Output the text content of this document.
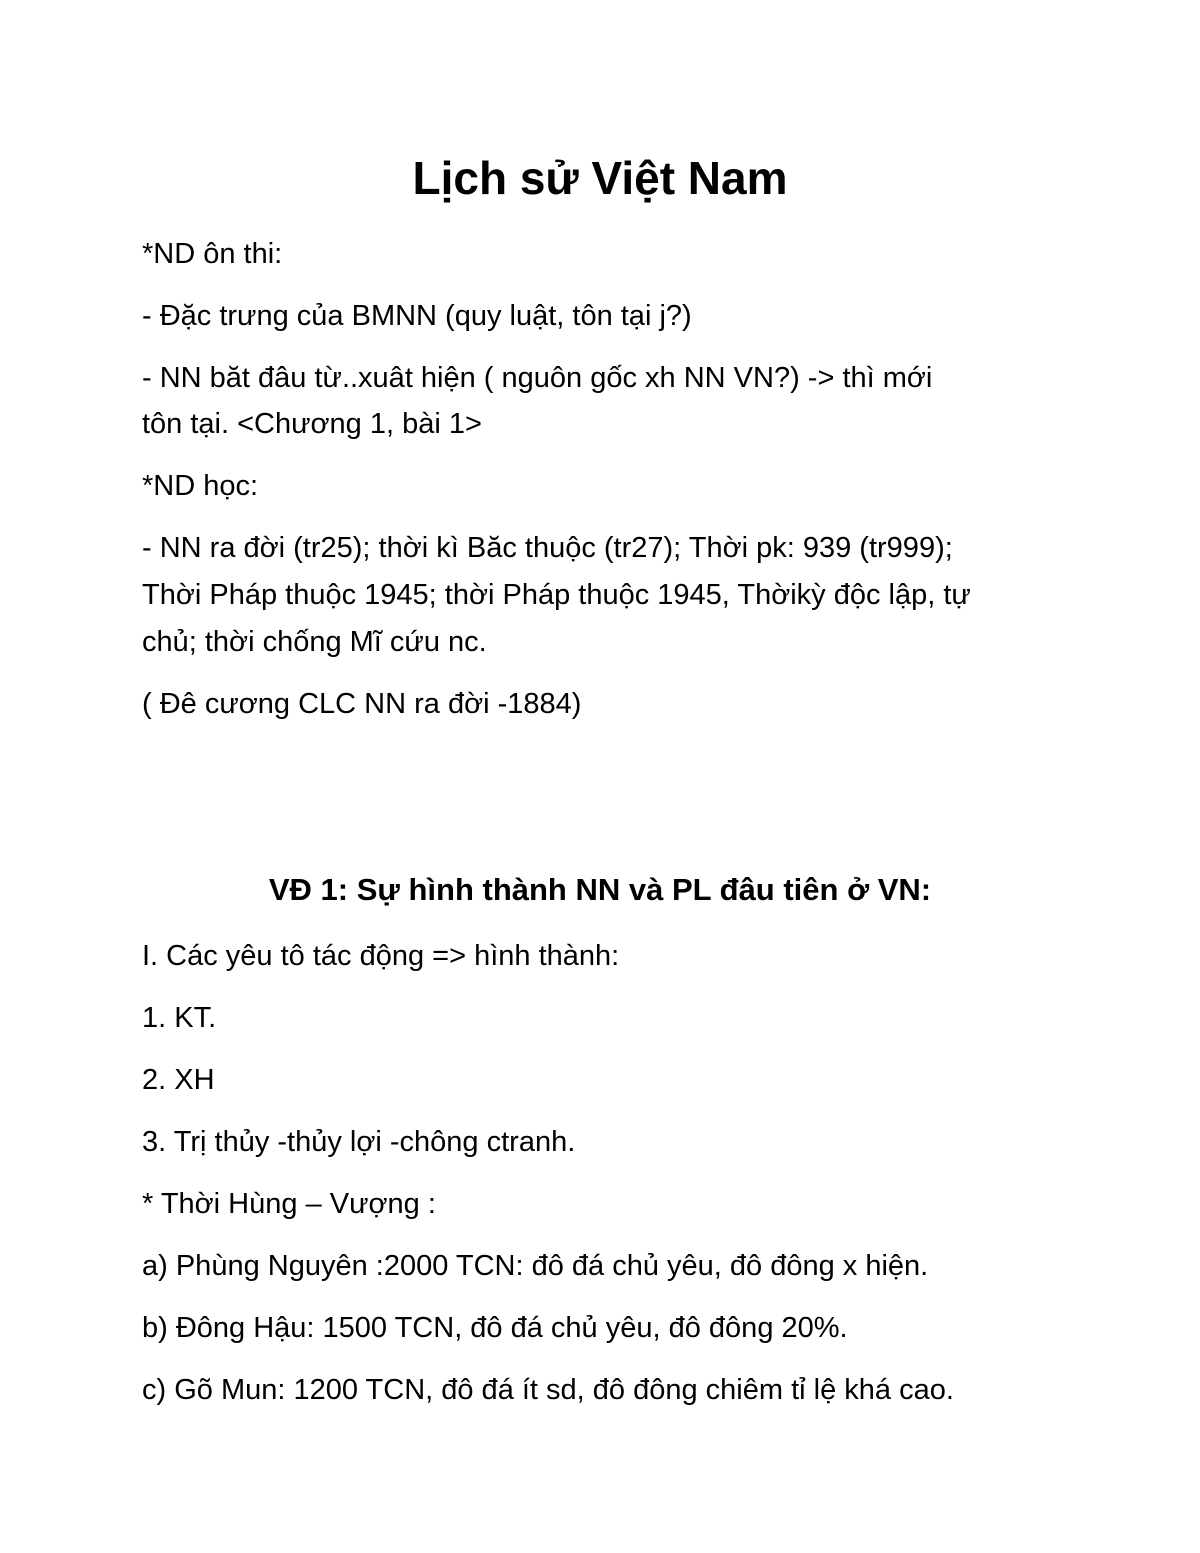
Lịch sử Việt Nam
*ND ôn thi:
- Đặc trưng của BMNN (quy luật, tôn tại j?)
- NN băt đâu từ..xuât hiện ( nguôn gốc xh NN VN?) -> thì mới
tôn tại. <Chương 1, bài 1>
*ND học:
- NN ra đời (tr25); thời kì Băc thuộc (tr27); Thời pk: 939 (tr999);
Thời Pháp thuộc 1945; thời Pháp thuộc 1945, Thờikỳ độc lập, tự
chủ; thời chống Mĩ cứu nc.
( Đê cương CLC NN ra đời -1884)
VĐ 1: Sự hình thành NN và PL đâu tiên ở VN:
I. Các yêu tô tác động => hình thành:
1. KT.
2. XH
3. Trị thủy -thủy lợi -chông ctranh.
* Thời Hùng – Vượng :
a) Phùng Nguyên :2000 TCN: đô đá chủ yêu, đô đông x hiện.
b) Đông Hậu: 1500 TCN, đô đá chủ yêu, đô đông 20%.
c) Gõ Mun: 1200 TCN, đô đá ít sd, đô đông chiêm tỉ lệ khá cao.
